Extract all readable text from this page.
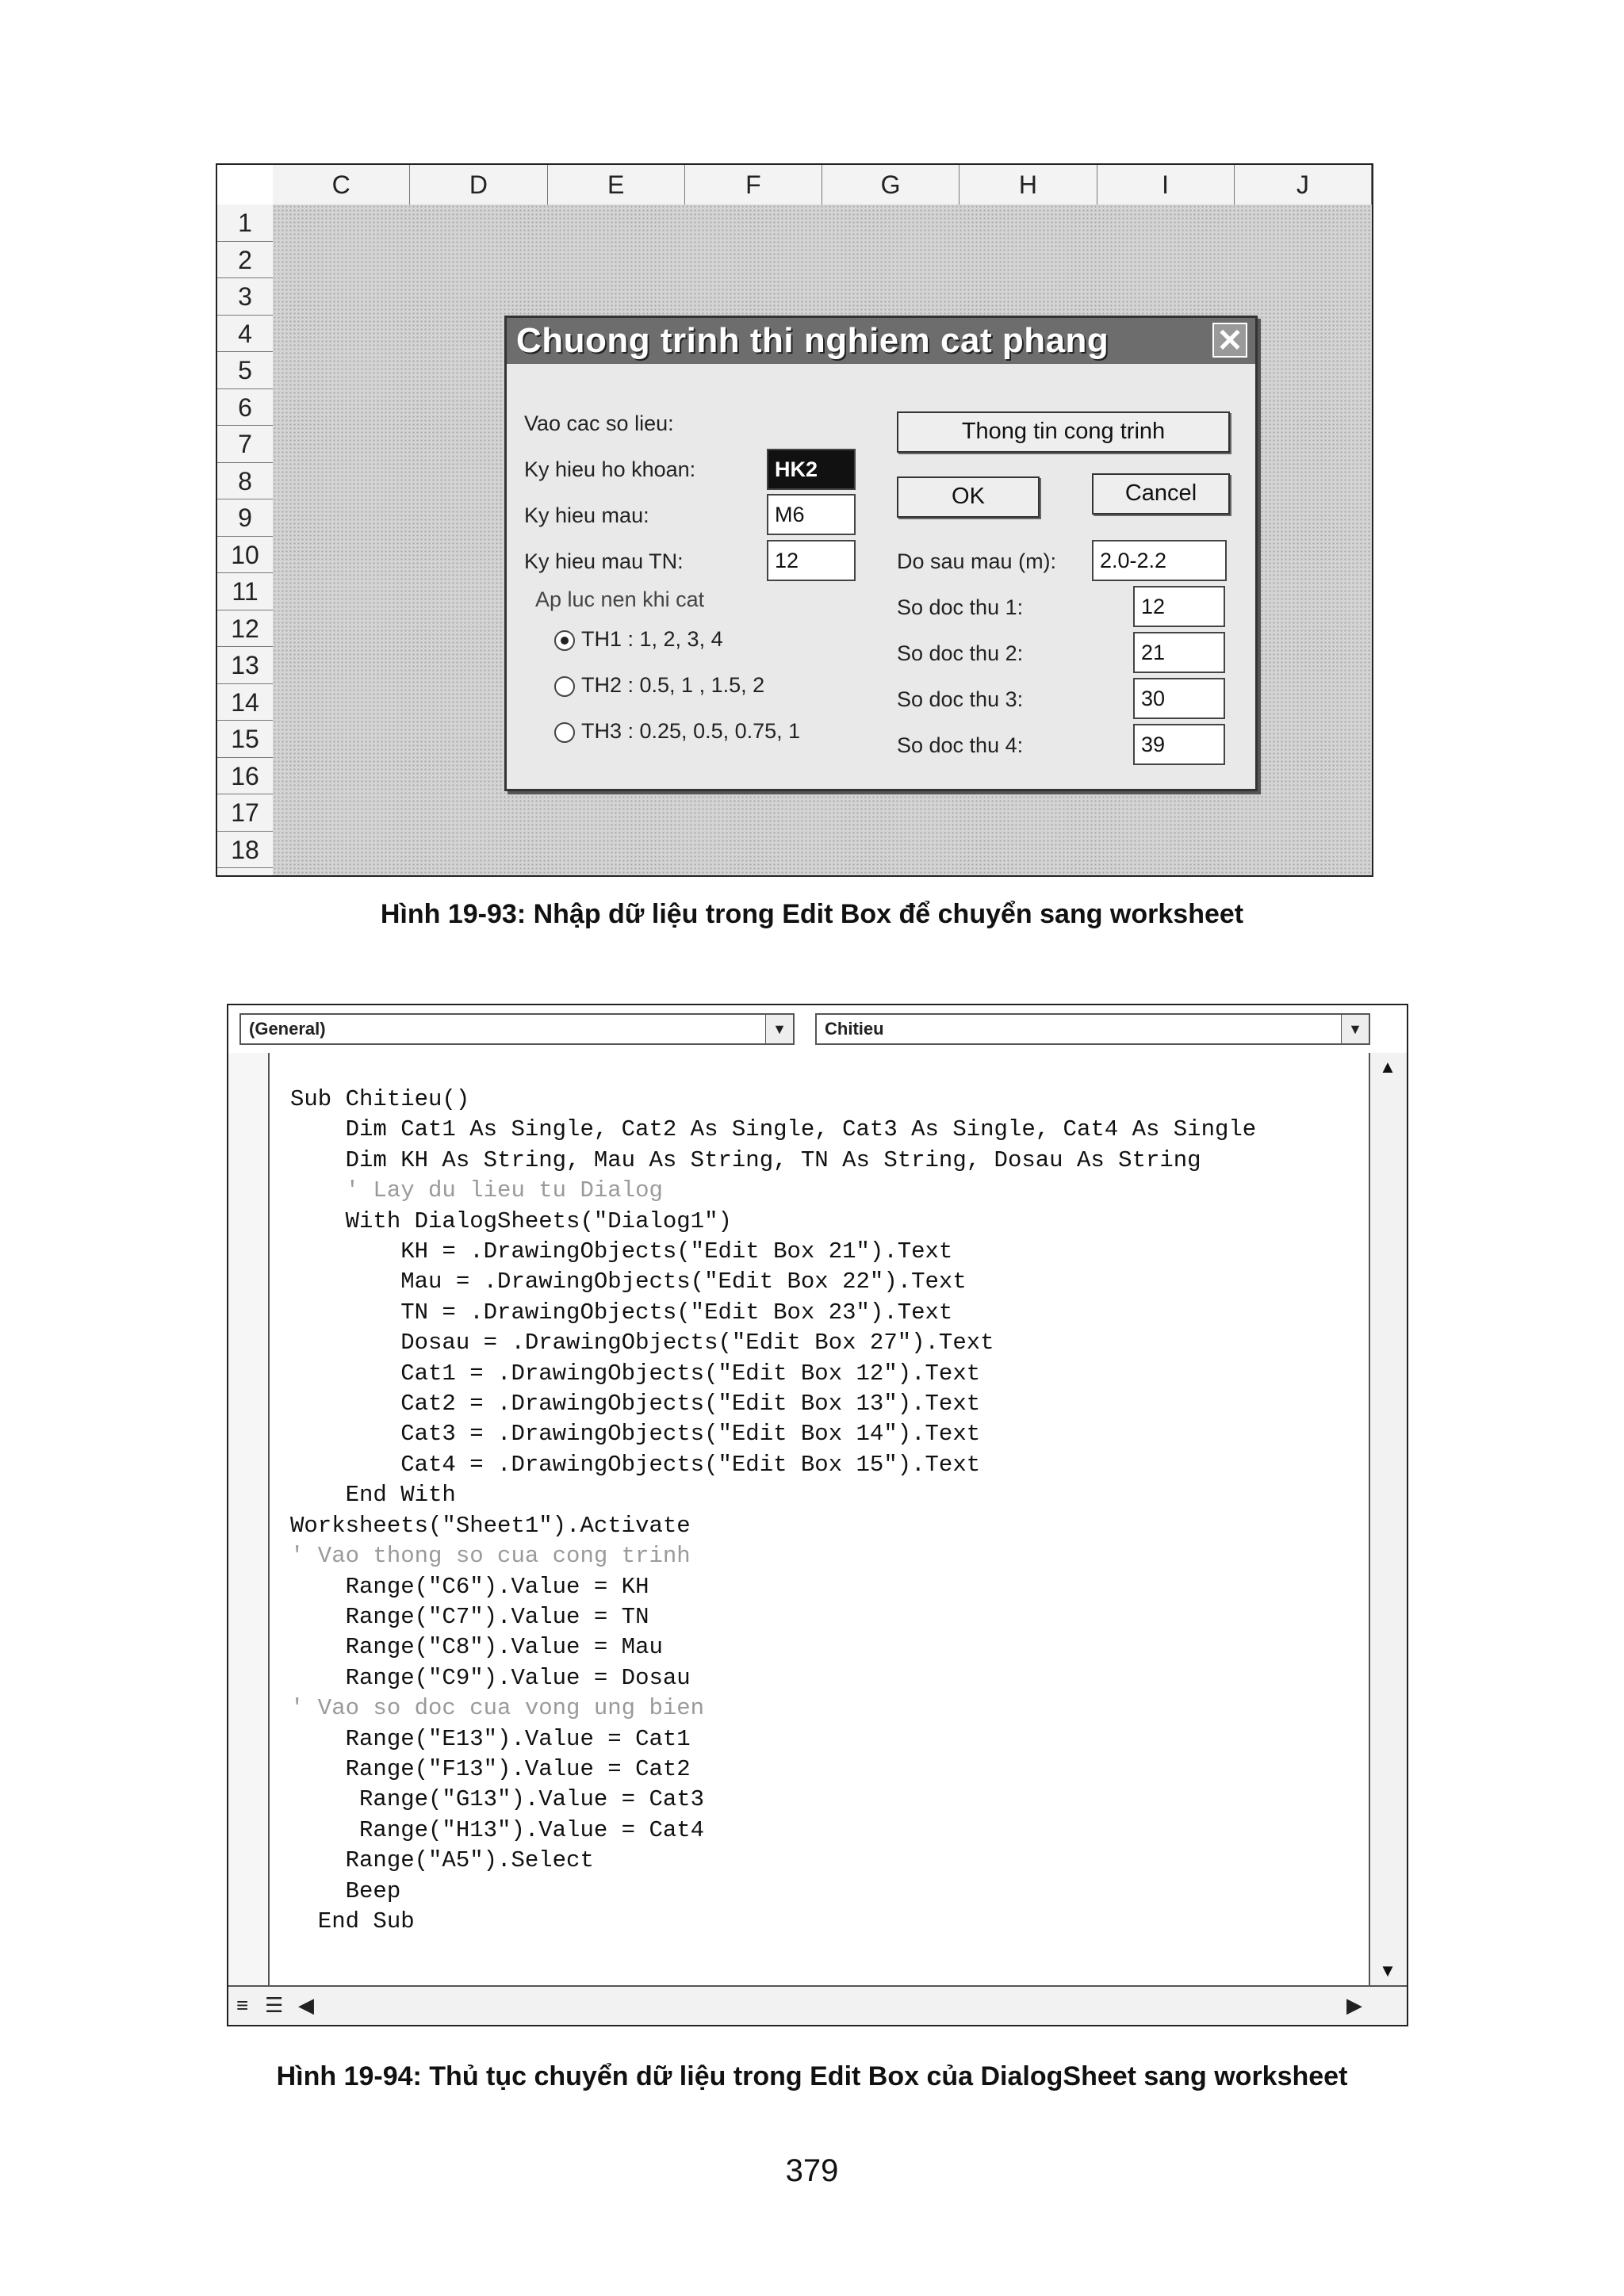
C	D	E	F	G	H	I	J
1
2
3
4
5
6
7
8
9
10
11
12
13
14
15
16
17
18
Chuong trinh thi nghiem cat phang	✕
Vao cac so lieu:
Ky hieu ho khoan:	HK2
Ky hieu mau:	M6
Ky hieu mau TN:	12
Ap luc nen khi cat
TH1 : 1, 2, 3, 4
TH2 : 0.5, 1 , 1.5, 2
TH3 : 0.25, 0.5, 0.75, 1
Thong tin cong trinh
OK	Cancel
Do sau mau (m):	2.0-2.2
So doc thu 1:	12
So doc thu 2:	21
So doc thu 3:	30
So doc thu 4:	39
Hình 19-93: Nhập dữ liệu trong Edit Box để chuyển sang worksheet
(General)	▼	Chitieu	▼
Sub Chitieu()
Dim Cat1 As Single, Cat2 As Single, Cat3 As Single, Cat4 As Single
Dim KH As String, Mau As String, TN As String, Dosau As String
' Lay du lieu tu Dialog
With DialogSheets("Dialog1")
KH = .DrawingObjects("Edit Box 21").Text
Mau = .DrawingObjects("Edit Box 22").Text
TN = .DrawingObjects("Edit Box 23").Text
Dosau = .DrawingObjects("Edit Box 27").Text
Cat1 = .DrawingObjects("Edit Box 12").Text
Cat2 = .DrawingObjects("Edit Box 13").Text
Cat3 = .DrawingObjects("Edit Box 14").Text
Cat4 = .DrawingObjects("Edit Box 15").Text
End With
Worksheets("Sheet1").Activate
' Vao thong so cua cong trinh
Range("C6").Value = KH
Range("C7").Value = TN
Range("C8").Value = Mau
Range("C9").Value = Dosau
' Vao so doc cua vong ung bien
Range("E13").Value = Cat1
Range("F13").Value = Cat2
Range("G13").Value = Cat3
Range("H13").Value = Cat4
Range("A5").Select
Beep
End Sub
▲
▼
≡ ☰ ◀	▶
Hình 19-94: Thủ tục chuyển dữ liệu trong Edit Box của DialogSheet sang worksheet
379
